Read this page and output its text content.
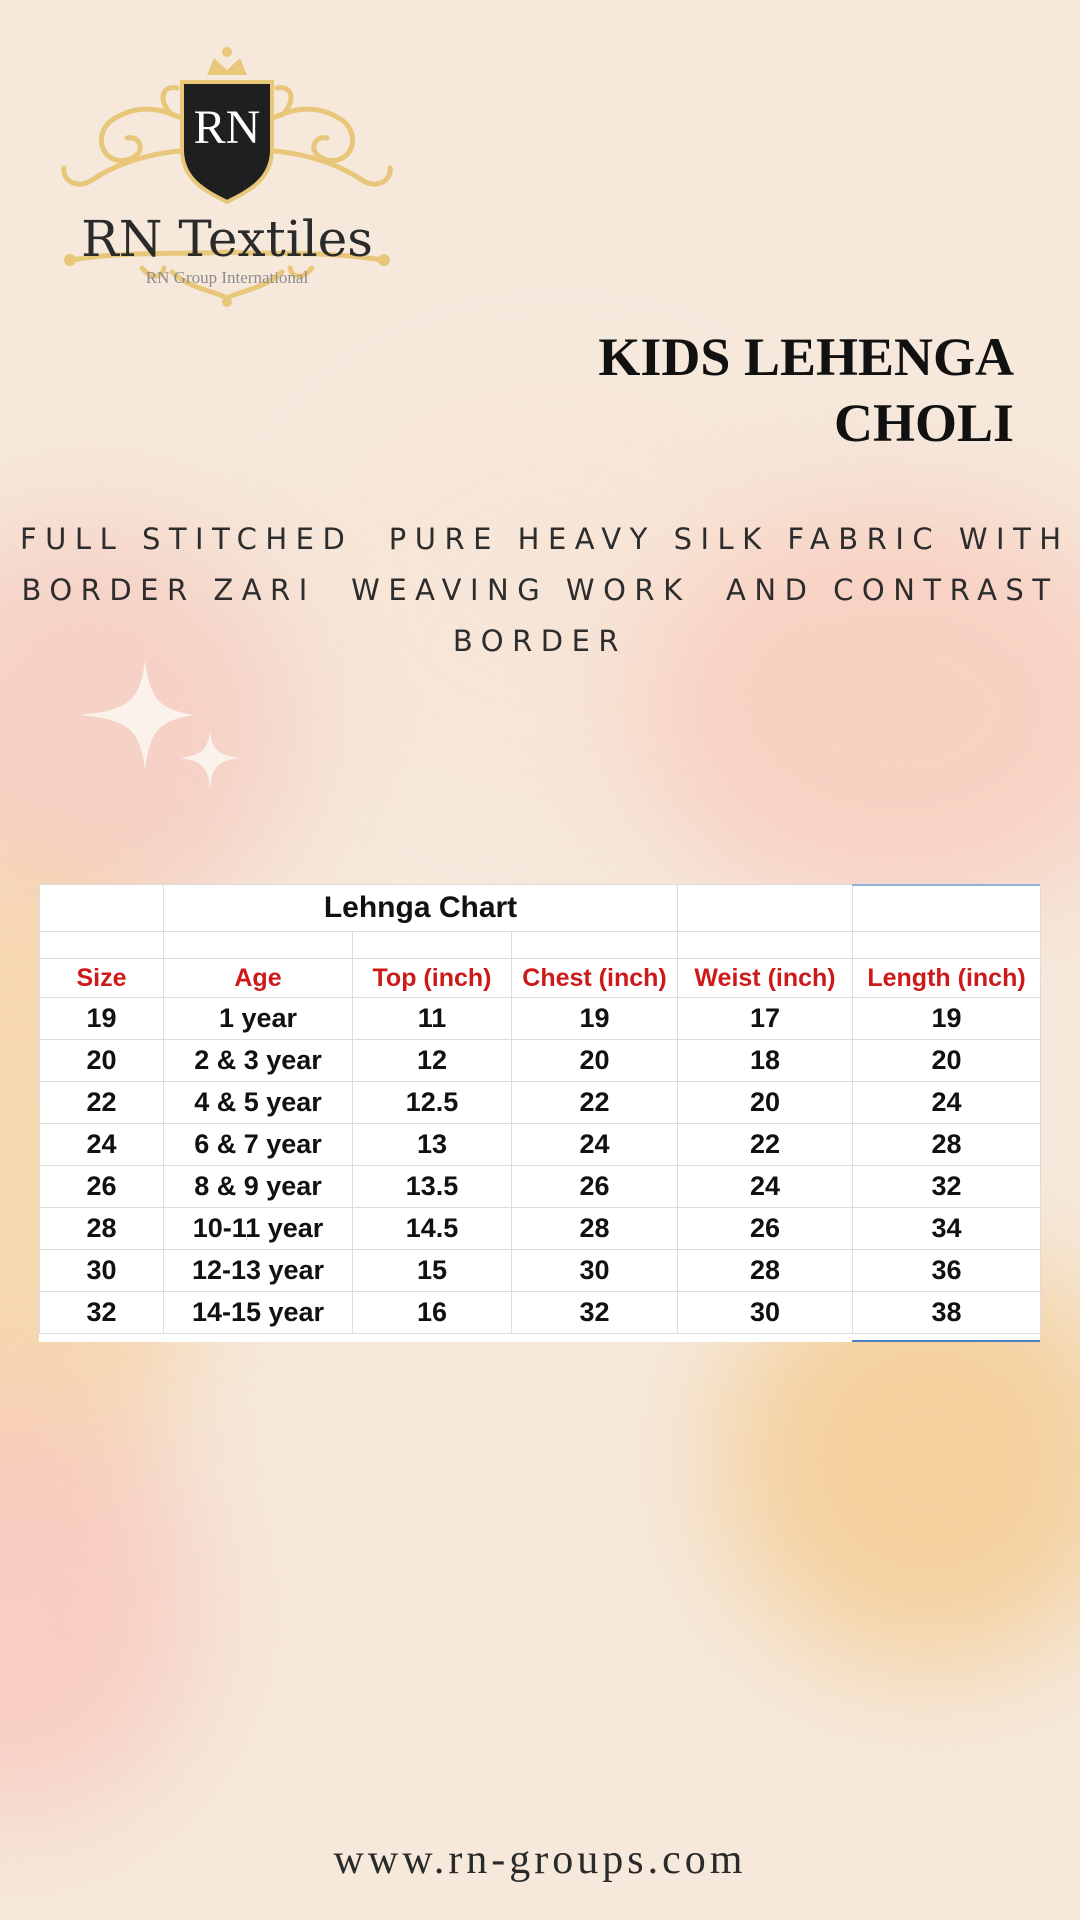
RN
RN Textiles
RN Group International
KIDS LEHENGA
CHOLI
FULL STITCHED  PURE HEAVY SILK FABRIC WITH
BORDER ZARI  WEAVING WORK  AND CONTRAST
BORDER
	Lehnga Chart				

Size	Age	Top (inch)	Chest (inch)	Weist (inch)	Length (inch)
19	1 year	11	19	17	19
20	2 & 3 year	12	20	18	20
22	4 & 5 year	12.5	22	20	24
24	6 & 7 year	13	24	22	28
26	8 & 9 year	13.5	26	24	32
28	10-11 year	14.5	28	26	34
30	12-13 year	15	30	28	36
32	14-15 year	16	32	30	38
www.rn-groups.com
